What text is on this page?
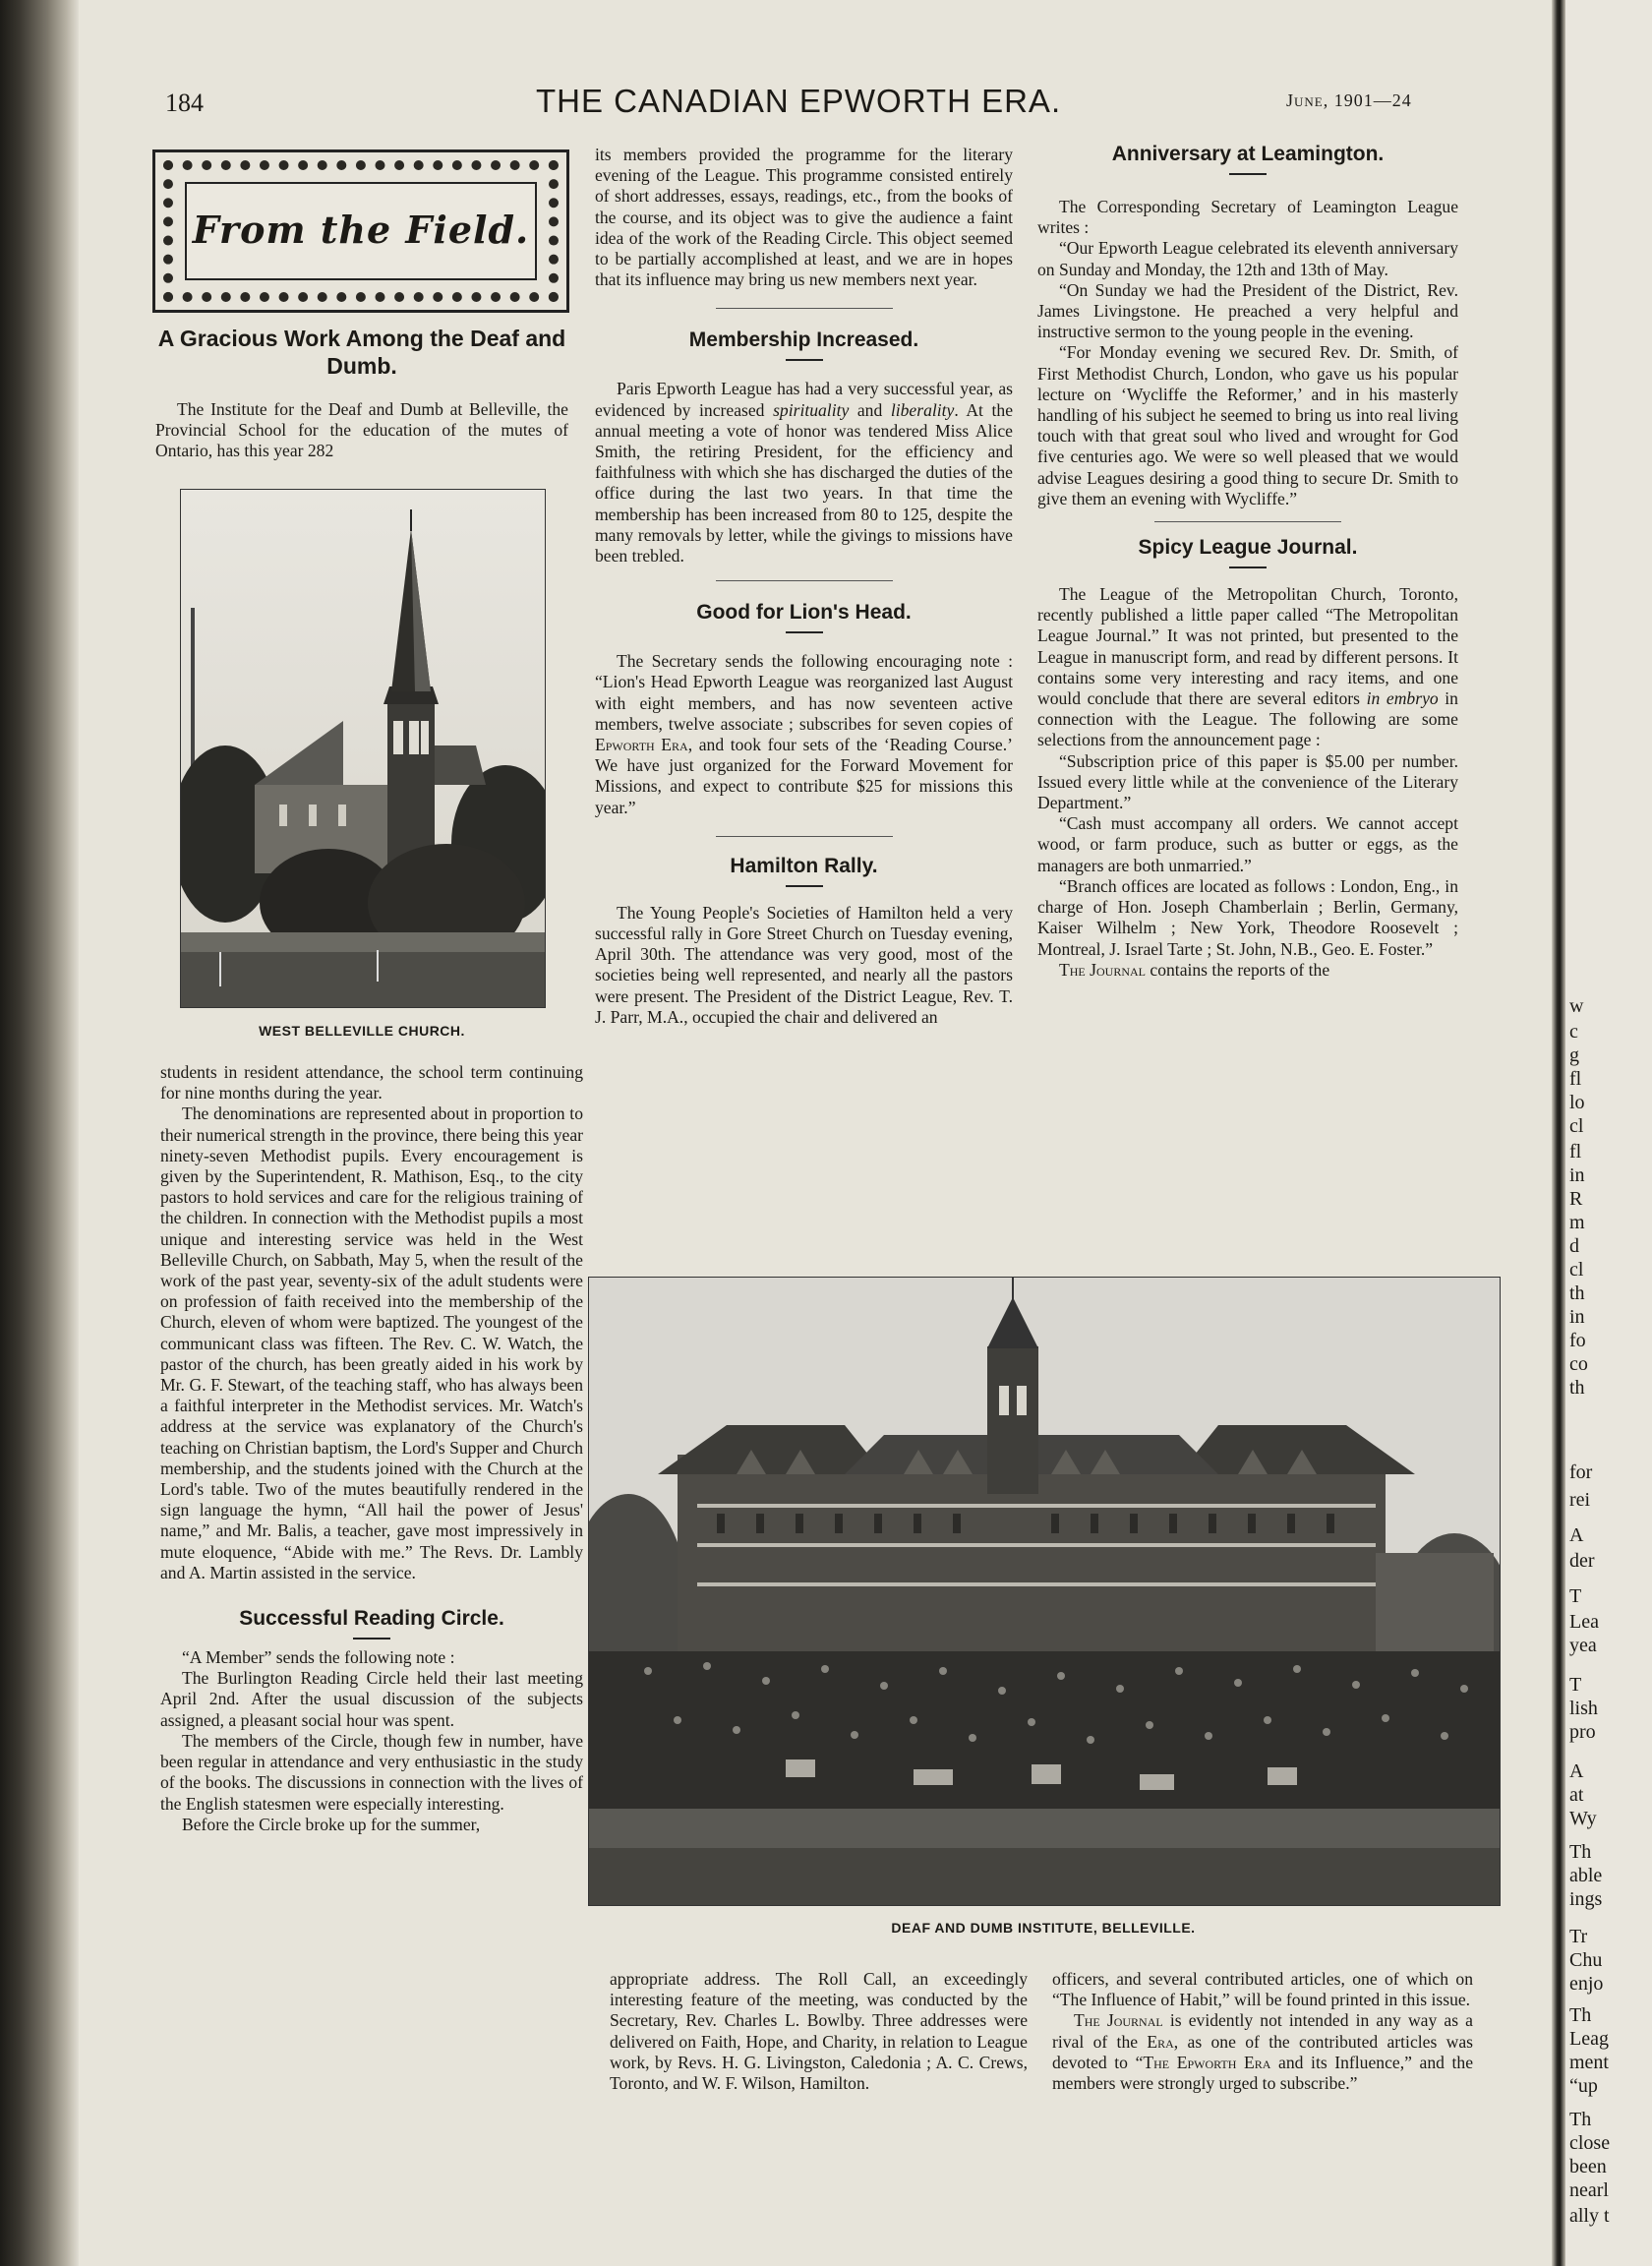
184	THE CANADIAN EPWORTH ERA.	June, 1901—24
From the Field.
A Gracious Work Among the Deaf and Dumb.

The Institute for the Deaf and Dumb at Belleville, the Provincial School for the education of the mutes of Ontario, has this year 282

WEST BELLEVILLE CHURCH.

students in resident attendance, the school term continuing for nine months during the year.

The denominations are represented about in proportion to their numerical strength in the province, there being this year ninety-seven Methodist pupils. Every encouragement is given by the Superintendent, R. Mathison, Esq., to the city pastors to hold services and care for the religious training of the children. In connection with the Methodist pupils a most unique and interesting service was held in the West Belleville Church, on Sabbath, May 5, when the result of the work of the past year, seventy-six of the adult students were on profession of faith received into the membership of the Church, eleven of whom were baptized. The youngest of the communicant class was fifteen. The Rev. C. W. Watch, the pastor of the church, has been greatly aided in his work by Mr. G. F. Stewart, of the teaching staff, who has always been a faithful interpreter in the Methodist services. Mr. Watch's address at the service was explanatory of the Church's teaching on Christian baptism, the Lord's Supper and Church membership, and the students joined with the Church at the Lord's table. Two of the mutes beautifully rendered in the sign language the hymn, “All hail the power of Jesus' name,” and Mr. Balis, a teacher, gave most impressively in mute eloquence, “Abide with me.” The Revs. Dr. Lambly and A. Martin assisted in the service.

Successful Reading Circle.

“A Member” sends the following note :

The Burlington Reading Circle held their last meeting April 2nd. After the usual discussion of the subjects assigned, a pleasant social hour was spent.

The members of the Circle, though few in number, have been regular in attendance and very enthusiastic in the study of the books. The discussions in connection with the lives of the English statesmen were especially interesting.

Before the Circle broke up for the summer,

its members provided the programme for the literary evening of the League. This programme consisted entirely of short addresses, essays, readings, etc., from the books of the course, and its object was to give the audience a faint idea of the work of the Reading Circle. This object seemed to be partially accomplished at least, and we are in hopes that its influence may bring us new members next year.

Membership Increased.

Paris Epworth League has had a very successful year, as evidenced by increased spirituality and liberality. At the annual meeting a vote of honor was tendered Miss Alice Smith, the retiring President, for the efficiency and faithfulness with which she has discharged the duties of the office during the last two years. In that time the membership has been increased from 80 to 125, despite the many removals by letter, while the givings to missions have been trebled.

Good for Lion's Head.

The Secretary sends the following encouraging note : “Lion's Head Epworth League was reorganized last August with eight members, and has now seventeen active members, twelve associate ; subscribes for seven copies of Epworth Era, and took four sets of the ‘Reading Course.’ We have just organized for the Forward Movement for Missions, and expect to contribute $25 for missions this year.”

Hamilton Rally.

The Young People's Societies of Hamilton held a very successful rally in Gore Street Church on Tuesday evening, April 30th. The attendance was very good, most of the societies being well represented, and nearly all the pastors were present. The President of the District League, Rev. T. J. Parr, M.A., occupied the chair and delivered an

Anniversary at Leamington.

The Corresponding Secretary of Leamington League writes :

“Our Epworth League celebrated its eleventh anniversary on Sunday and Monday, the 12th and 13th of May.

“On Sunday we had the President of the District, Rev. James Livingstone. He preached a very helpful and instructive sermon to the young people in the evening.

“For Monday evening we secured Rev. Dr. Smith, of First Methodist Church, London, who gave us his popular lecture on ‘Wycliffe the Reformer,’ and in his masterly handling of his subject he seemed to bring us into real living touch with that great soul who lived and wrought for God five centuries ago. We were so well pleased that we would advise Leagues desiring a good thing to secure Dr. Smith to give them an evening with Wycliffe.”

Spicy League Journal.

The League of the Metropolitan Church, Toronto, recently published a little paper called “The Metropolitan League Journal.” It was not printed, but presented to the League in manuscript form, and read by different persons. It contains some very interesting and racy items, and one would conclude that there are several editors in embryo in connection with the League. The following are some selections from the announcement page :

“Subscription price of this paper is $5.00 per number. Issued every little while at the convenience of the Literary Department.”

“Cash must accompany all orders. We cannot accept wood, or farm produce, such as butter or eggs, as the managers are both unmarried.”

“Branch offices are located as follows : London, Eng., in charge of Hon. Joseph Chamberlain ; Berlin, Germany, Kaiser Wilhelm ; New York, Theodore Roosevelt ; Montreal, J. Israel Tarte ; St. John, N.B., Geo. E. Foster.”

The Journal contains the reports of the

DEAF AND DUMB INSTITUTE, BELLEVILLE.

appropriate address. The Roll Call, an exceedingly interesting feature of the meeting, was conducted by the Secretary, Rev. Charles L. Bowlby. Three addresses were delivered on Faith, Hope, and Charity, in relation to League work, by Revs. H. G. Livingston, Caledonia ; A. C. Crews, Toronto, and W. F. Wilson, Hamilton.

officers, and several contributed articles, one of which on “The Influence of Habit,” will be found printed in this issue.

The Journal is evidently not intended in any way as a rival of the Era, as one of the contributed articles was devoted to “The Epworth Era and its Influence,” and the members were strongly urged to subscribe.”

w
c
g
fl
lo
cl
fl
in
R
m
d
cl
th
in
fo
co
th
for
rei
A
der
T
Lea
yea
T
lish
pro
A
at
Wy
Th
able
ings
Tr
Chu
enjo
Th
Leag
ment
“up
Th
close
been
nearl
ally t
